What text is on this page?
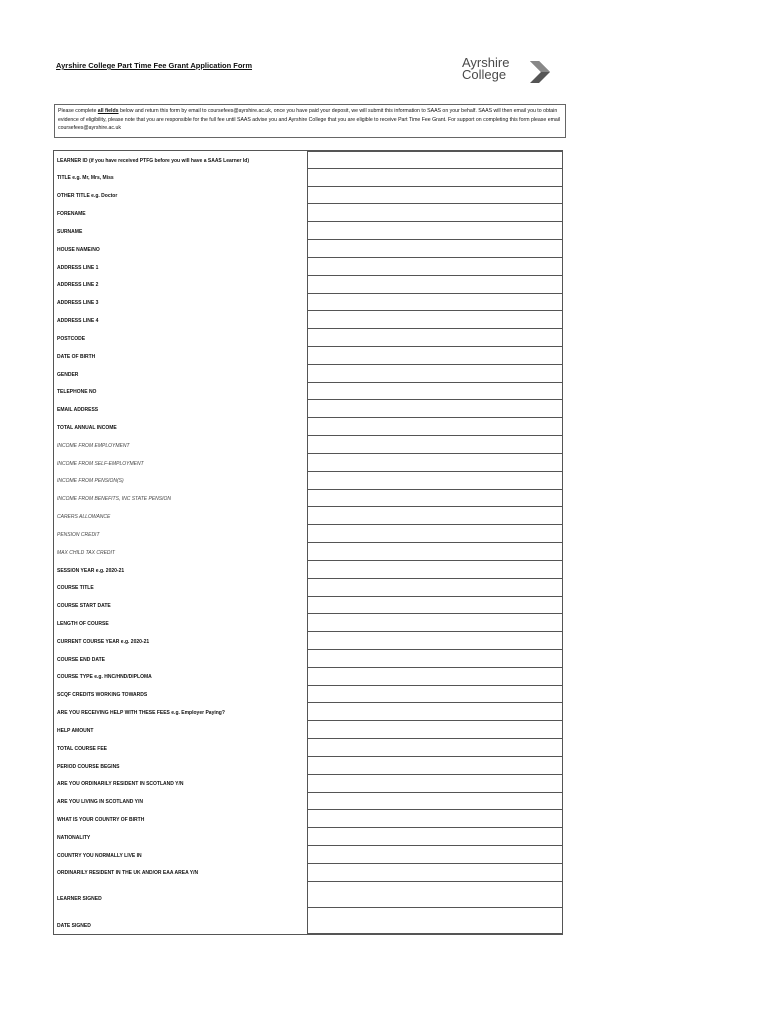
Ayrshire College Part Time Fee Grant Application Form	Ayrshire
College
Please complete all fields below and return this form by email to coursefees@ayrshire.ac.uk, once you have paid your deposit, we will submit this information to SAAS on your behalf. SAAS will then email you to obtain evidence of eligibility, please note that you are responsible for the full fee until SAAS advise you and Ayrshire College that you are eligible to receive Part Time Fee Grant. For support on completing this form please email coursefees@ayrshire.ac.uk
LEARNER ID (if you have received PTFG before you will have a SAAS Learner Id)
TITLE e.g. Mr, Mrs, Miss
OTHER TITLE e.g. Doctor
FORENAME
SURNAME
HOUSE NAME/NO
ADDRESS LINE 1
ADDRESS LINE 2
ADDRESS LINE 3
ADDRESS LINE 4
POSTCODE
DATE OF BIRTH
GENDER
TELEPHONE NO
EMAIL ADDRESS
TOTAL ANNUAL INCOME
INCOME FROM EMPLOYMENT
INCOME FROM SELF-EMPLOYMENT
INCOME FROM PENSION(S)
INCOME FROM BENEFITS, INC STATE PENSION
CARERS ALLOWANCE
PENSION CREDIT
MAX CHILD TAX CREDIT
SESSION YEAR e.g. 2020-21
COURSE TITLE
COURSE START DATE
LENGTH OF COURSE
CURRENT COURSE YEAR e.g. 2020-21
COURSE END DATE
COURSE TYPE e.g. HNC/HND/DIPLOMA
SCQF CREDITS WORKING TOWARDS
ARE YOU RECEIVING HELP WITH THESE FEES e.g. Employer Paying?
HELP AMOUNT
TOTAL COURSE FEE
PERIOD COURSE BEGINS
ARE YOU ORDINARILY RESIDENT IN SCOTLAND Y/N
ARE YOU LIVING IN SCOTLAND Y/N
WHAT IS YOUR COUNTRY OF BIRTH
NATIONALITY
COUNTRY YOU NORMALLY LIVE IN
ORDINARILY RESIDENT IN THE UK AND/OR EAA AREA Y/N
LEARNER SIGNED
DATE SIGNED
